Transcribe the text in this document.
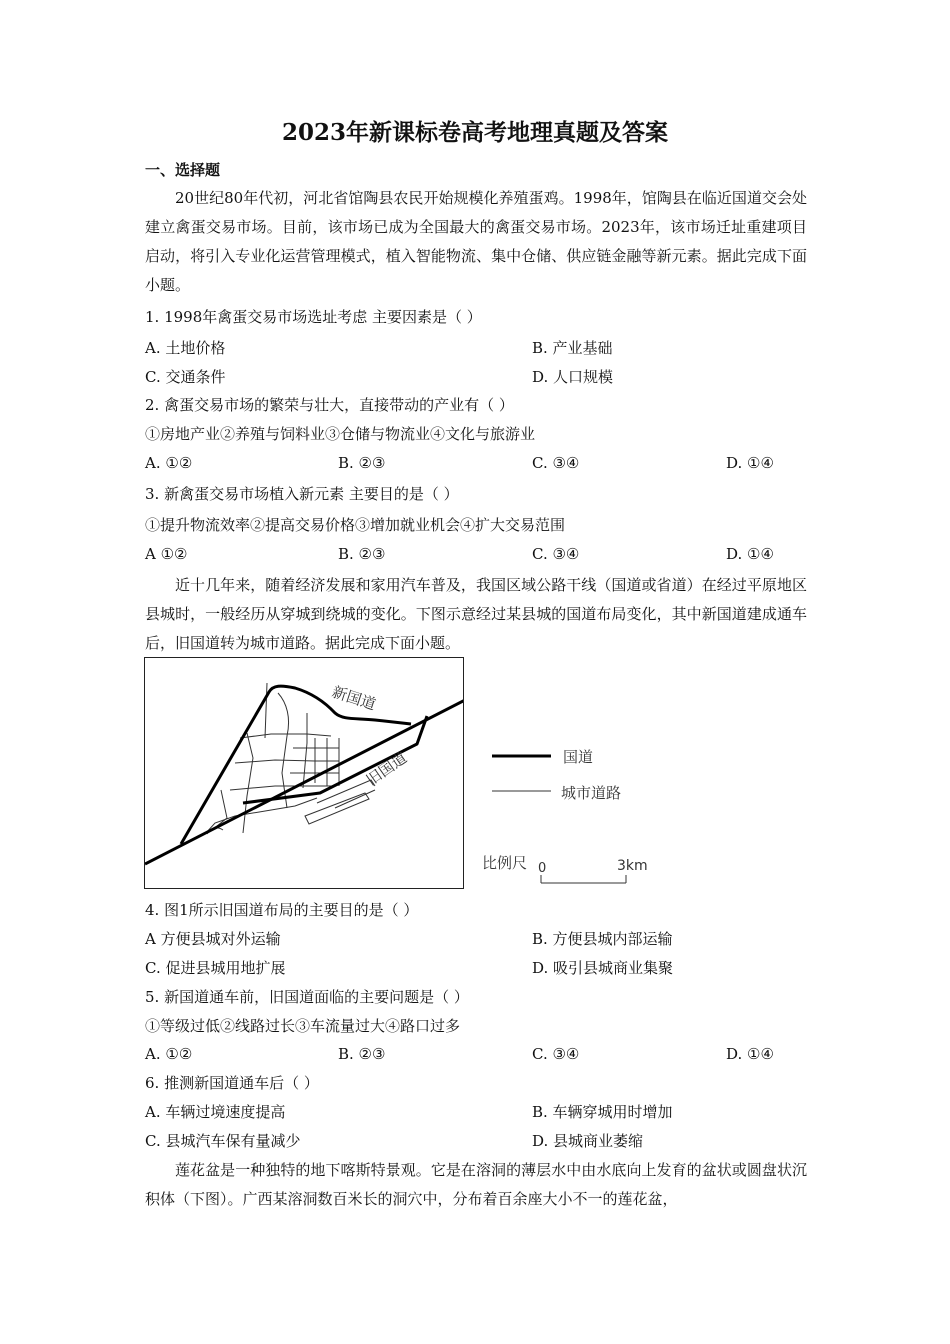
2023年新课标卷高考地理真题及答案
一、选择题

20世纪80年代初，河北省馆陶县农民开始规模化养殖蛋鸡。1998年，馆陶县在临近国道交会处建立禽蛋交易市场。目前，该市场已成为全国最大的禽蛋交易市场。2023年，该市场迁址重建项目启动，将引入专业化运营管理模式，植入智能物流、集中仓储、供应链金融等新元素。据此完成下面小题。

1. 1998年禽蛋交易市场选址考虑 主要因素是（ ）
A. 土地价格	B. 产业基础
C. 交通条件	D. 人口规模
2. 禽蛋交易市场的繁荣与壮大，直接带动的产业有（ ）
①房地产业②养殖与饲料业③仓储与物流业④文化与旅游业
A. ①②	B. ②③	C. ③④	D. ①④
3. 新禽蛋交易市场植入新元素 主要目的是（ ）
①提升物流效率②提高交易价格③增加就业机会④扩大交易范围
A ①②	B. ②③	C. ③④	D. ①④

近十几年来，随着经济发展和家用汽车普及，我国区域公路干线（国道或省道）在经过平原地区县城时，一般经历从穿城到绕城的变化。下图示意经过某县城的国道布局变化，其中新国道建成通车后，旧国道转为城市道路。据此完成下面小题。

新国道
旧国道	国道
城市道路
比例尺 0	3km
4. 图1所示旧国道布局的主要目的是（ ）
A 方便县城对外运输	B. 方便县城内部运输
C. 促进县城用地扩展	D. 吸引县城商业集聚
5. 新国道通车前，旧国道面临的主要问题是（ ）
①等级过低②线路过长③车流量过大④路口过多
A. ①②	B. ②③	C. ③④	D. ①④
6. 推测新国道通车后（ ）
A. 车辆过境速度提高	B. 车辆穿城用时增加
C. 县城汽车保有量减少	D. 县城商业萎缩

莲花盆是一种独特的地下喀斯特景观。它是在溶洞的薄层水中由水底向上发育的盆状或圆盘状沉积体（下图）。广西某溶洞数百米长的洞穴中，分布着百余座大小不一的莲花盆，
